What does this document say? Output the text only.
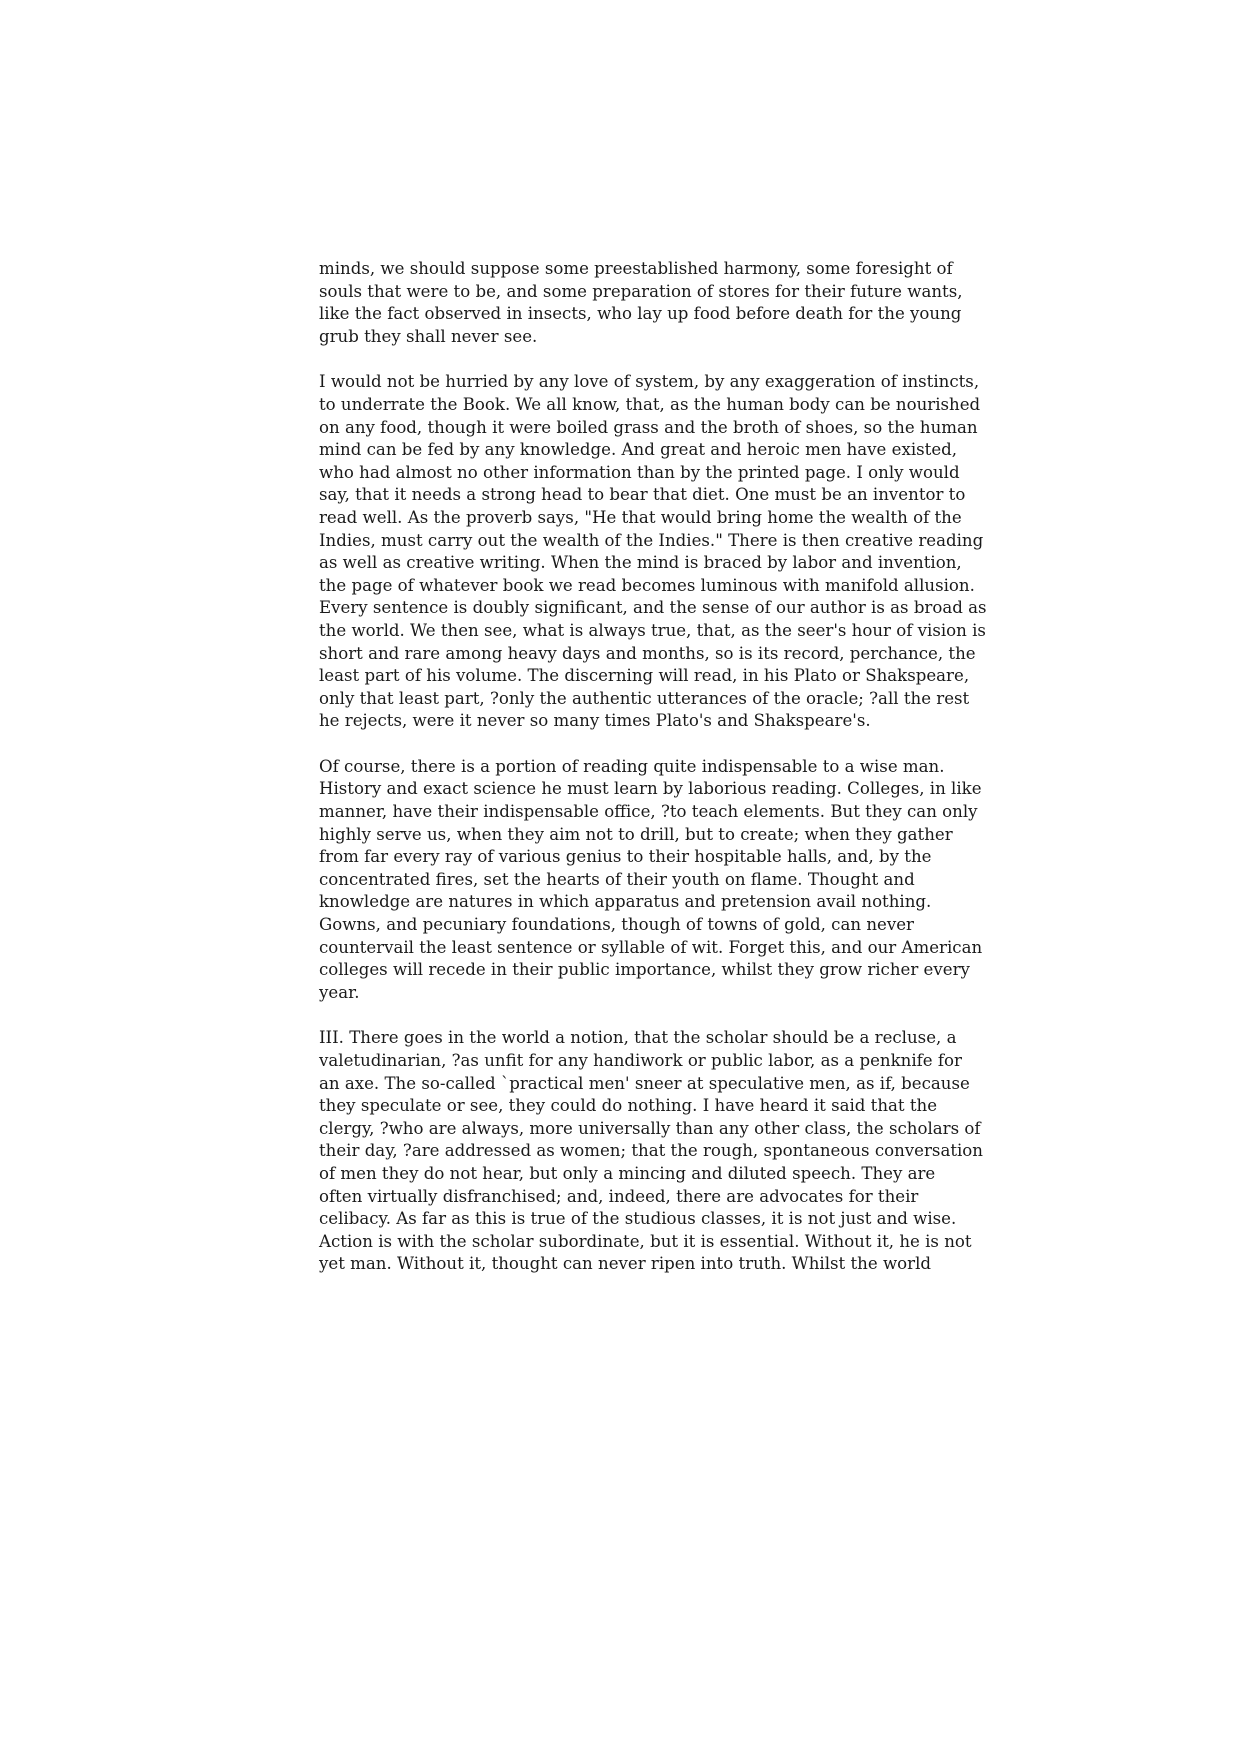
minds, we should suppose some preestablished harmony, some foresight of
souls that were to be, and some preparation of stores for their future wants,
like the fact observed in insects, who lay up food before death for the young
grub they shall never see.

I would not be hurried by any love of system, by any exaggeration of instincts,
to underrate the Book. We all know, that, as the human body can be nourished
on any food, though it were boiled grass and the broth of shoes, so the human
mind can be fed by any knowledge. And great and heroic men have existed,
who had almost no other information than by the printed page. I only would
say, that it needs a strong head to bear that diet. One must be an inventor to
read well. As the proverb says, "He that would bring home the wealth of the
Indies, must carry out the wealth of the Indies." There is then creative reading
as well as creative writing. When the mind is braced by labor and invention,
the page of whatever book we read becomes luminous with manifold allusion.
Every sentence is doubly significant, and the sense of our author is as broad as
the world. We then see, what is always true, that, as the seer's hour of vision is
short and rare among heavy days and months, so is its record, perchance, the
least part of his volume. The discerning will read, in his Plato or Shakspeare,
only that least part, ?only the authentic utterances of the oracle; ?all the rest
he rejects, were it never so many times Plato's and Shakspeare's.

Of course, there is a portion of reading quite indispensable to a wise man.
History and exact science he must learn by laborious reading. Colleges, in like
manner, have their indispensable office, ?to teach elements. But they can only
highly serve us, when they aim not to drill, but to create; when they gather
from far every ray of various genius to their hospitable halls, and, by the
concentrated fires, set the hearts of their youth on flame. Thought and
knowledge are natures in which apparatus and pretension avail nothing.
Gowns, and pecuniary foundations, though of towns of gold, can never
countervail the least sentence or syllable of wit. Forget this, and our American
colleges will recede in their public importance, whilst they grow richer every
year.

III. There goes in the world a notion, that the scholar should be a recluse, a
valetudinarian, ?as unfit for any handiwork or public labor, as a penknife for
an axe. The so-called `practical men' sneer at speculative men, as if, because
they speculate or see, they could do nothing. I have heard it said that the
clergy, ?who are always, more universally than any other class, the scholars of
their day, ?are addressed as women; that the rough, spontaneous conversation
of men they do not hear, but only a mincing and diluted speech. They are
often virtually disfranchised; and, indeed, there are advocates for their
celibacy. As far as this is true of the studious classes, it is not just and wise.
Action is with the scholar subordinate, but it is essential. Without it, he is not
yet man. Without it, thought can never ripen into truth. Whilst the world
